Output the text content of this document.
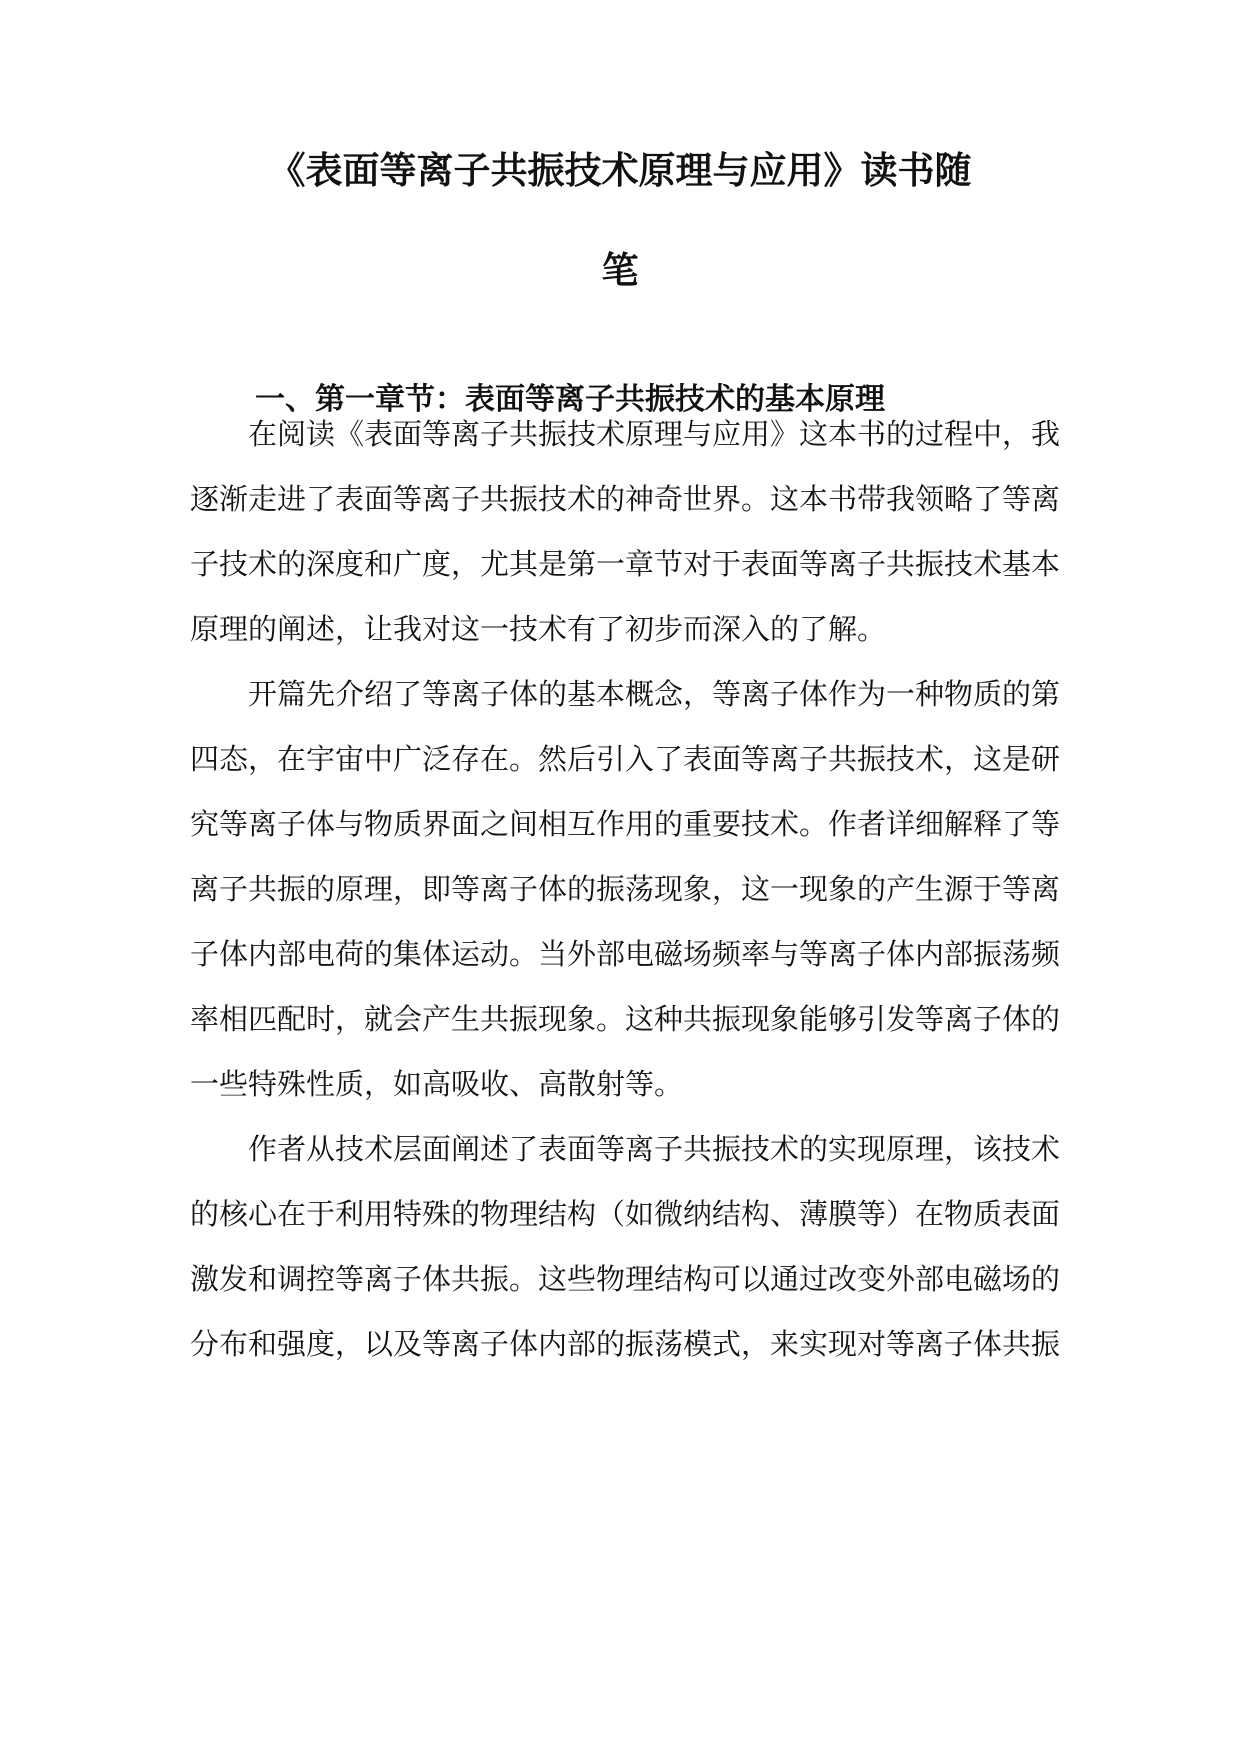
《表面等离子共振技术原理与应用》读书随
笔
一、第一章节：表面等离子共振技术的基本原理

在阅读《表面等离子共振技术原理与应用》这本书的过程中，我

逐渐走进了表面等离子共振技术的神奇世界。这本书带我领略了等离

子技术的深度和广度，尤其是第一章节对于表面等离子共振技术基本

原理的阐述，让我对这一技术有了初步而深入的了解。

开篇先介绍了等离子体的基本概念，等离子体作为一种物质的第

四态，在宇宙中广泛存在。然后引入了表面等离子共振技术，这是研

究等离子体与物质界面之间相互作用的重要技术。作者详细解释了等

离子共振的原理，即等离子体的振荡现象，这一现象的产生源于等离

子体内部电荷的集体运动。当外部电磁场频率与等离子体内部振荡频

率相匹配时，就会产生共振现象。这种共振现象能够引发等离子体的

一些特殊性质，如高吸收、高散射等。

作者从技术层面阐述了表面等离子共振技术的实现原理，该技术

的核心在于利用特殊的物理结构（如微纳结构、薄膜等）在物质表面

激发和调控等离子体共振。这些物理结构可以通过改变外部电磁场的

分布和强度，以及等离子体内部的振荡模式，来实现对等离子体共振
